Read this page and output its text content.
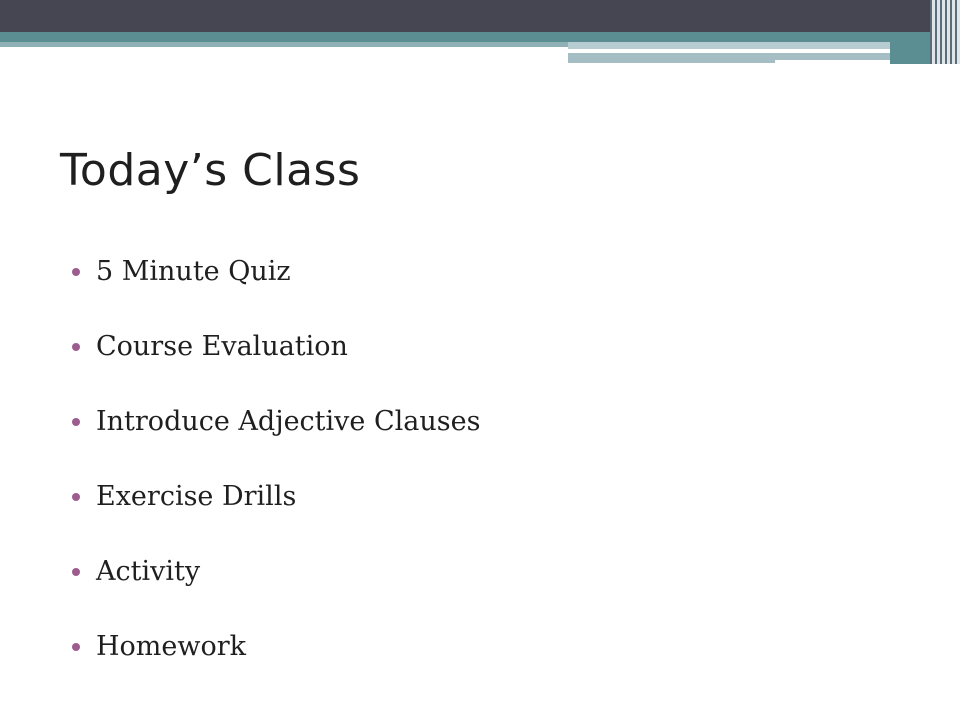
Today’s Class
5 Minute Quiz
Course Evaluation
Introduce Adjective Clauses
Exercise Drills
Activity
Homework
